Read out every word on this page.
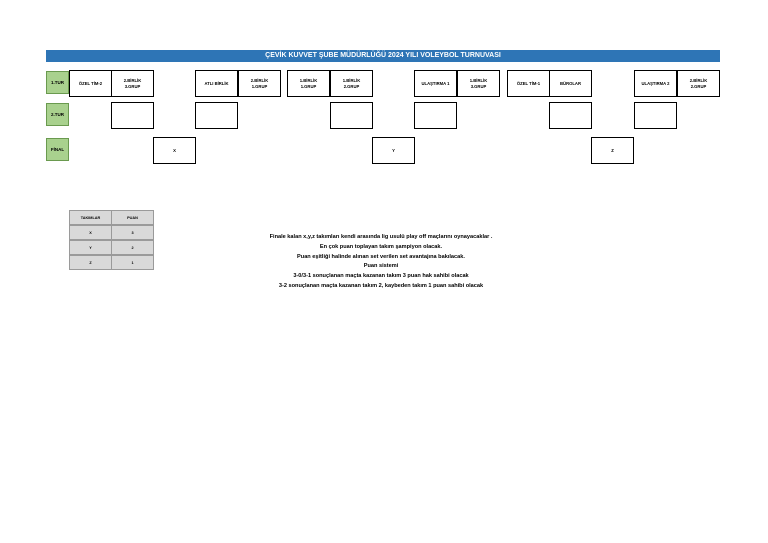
ÇEVİK KUVVET ŞUBE MÜDÜRLÜĞÜ 2024 YILI VOLEYBOL TURNUVASI
1.TUR
2.TUR
FİNAL
ÖZEL TİM-2
2.BİRLİK
3.GRUP
ATLI BİRLİK
2.BİRLİK
1.GRUP
1.BİRLİK
1.GRUP
1.BİRLİK
2.GRUP
ULAŞTIRMA 1
1.BİRLİK
3.GRUP
ÖZEL TİM-1	BÜROLAR	ULAŞTIRMA 2
2.BİRLİK
2.GRUP
X	Y	Z
TAKIMLAR	PUAN
X	3
Y	2
Z	1
Finale kalan x,y,z takımları kendi arasında lig usulü play off maçlarını oynayacaklar .
En çok puan toplayan takım şampiyon olacak.
Puan eşitliği halinde alınan set verilen set avantajına bakılacak.
Puan sistemi
3-0/3-1 sonuçlanan maçta kazanan takım 3 puan hak sahibi olacak
3-2 sonuçlanan maçta kazanan takım 2, kaybeden takım 1 puan sahibi olacak
